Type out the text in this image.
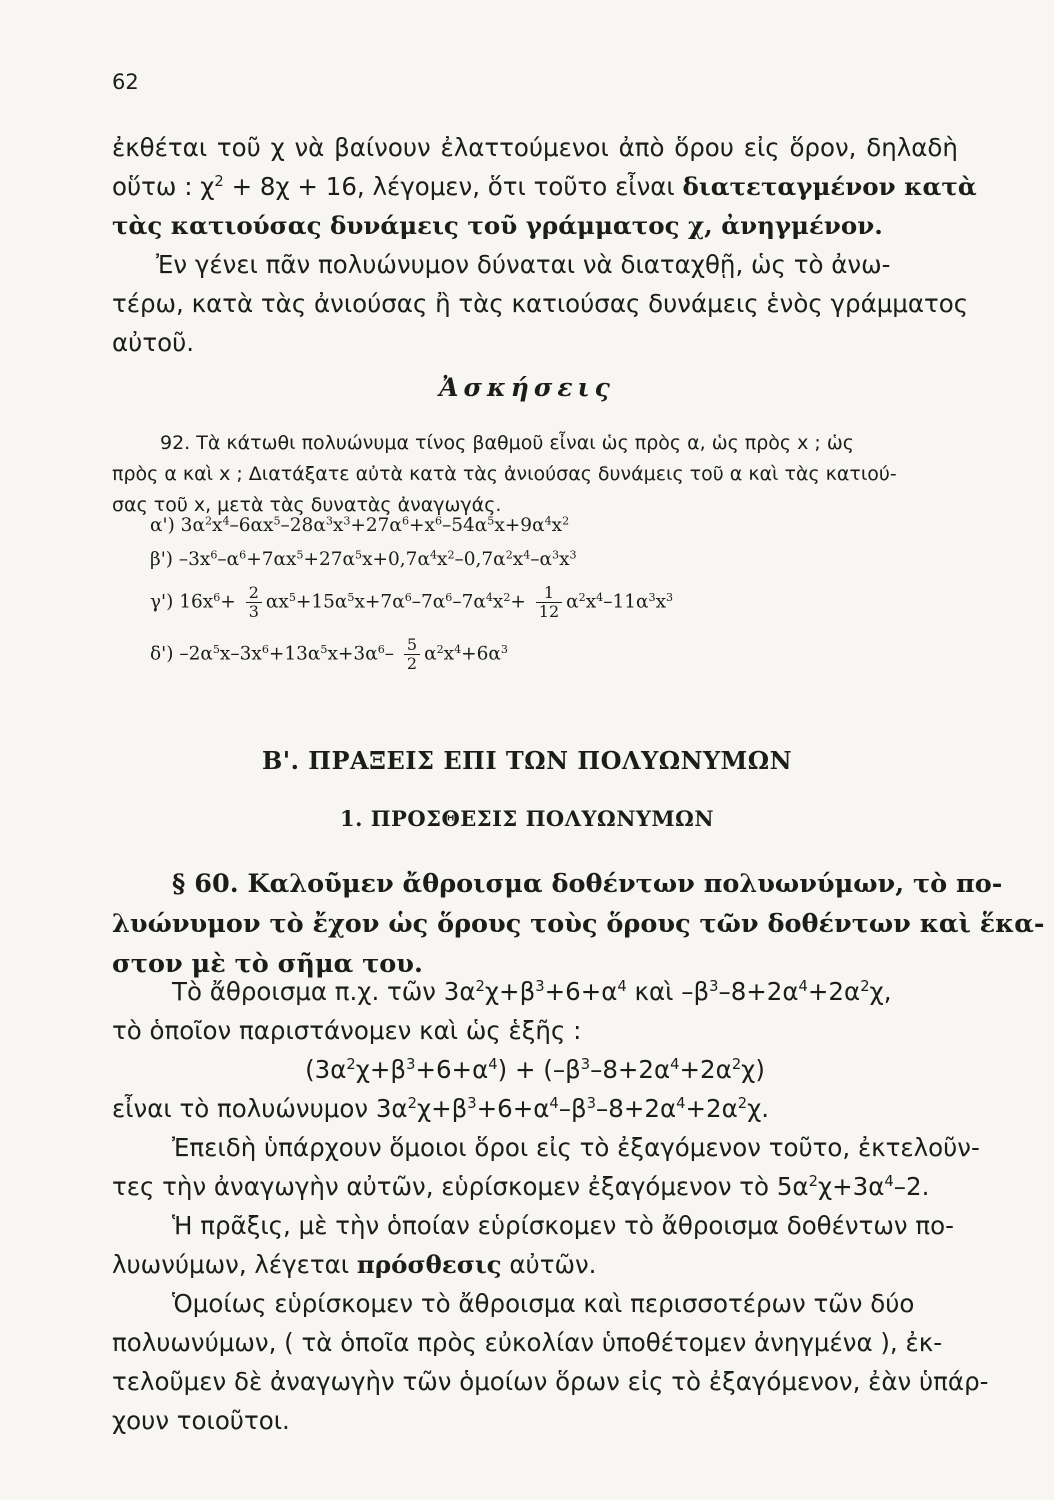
62
ἐκθέται τοῦ χ νὰ βαίνουν ἐλαττούμενοι ἀπὸ ὅρου εἰς ὅρον, δηλαδὴ
οὕτω : $\chi^2 + 8\chi + 16$, λέγομεν, ὅτι τοῦτο εἶναι διατεταγμένον κατὰ
τὰς κατιούσας δυνάμεις τοῦ γράμματος χ, ἀνηγμένον.
Ἐν γένει πᾶν πολυώνυμον δύναται νὰ διαταχθῇ, ὡς τὸ ἀνω-
τέρω, κατὰ τὰς ἀνιούσας ἢ τὰς κατιούσας δυνάμεις ἑνὸς γράμματος
αὐτοῦ.
Ἀσκήσεις
92. Τὰ κάτωθι πολυώνυμα τίνος βαθμοῦ εἶναι ὡς πρὸς α, ὡς πρὸς x ; ὡς
πρὸς α καὶ x ; Διατάξατε αὐτὰ κατὰ τὰς ἀνιούσας δυνάμεις τοῦ α καὶ τὰς κατιού-
σας τοῦ x, μετὰ τὰς δυνατὰς ἀναγωγάς.
α') $3\alpha^2x^4-6\alpha x^5-28\alpha^3x^3+27\alpha^6+x^6-54\alpha^5x+9\alpha^4x^2$
β') $-3x^6-\alpha^6+7\alpha x^5+27\alpha^5x+0,7\alpha^4x^2-0,7\alpha^2x^4-\alpha^3x^3$
γ') $16x^6+ \frac{2}{3} \alpha x^5+15\alpha^5x+7\alpha^6-7\alpha^6-7\alpha^4x^2+ \frac{1}{12} \alpha^2x^4-11\alpha^3x^3$
δ') $-2\alpha^5x-3x^6+13\alpha^5x+3\alpha^6- \frac{5}{2} \alpha^2x^4+6\alpha^3$
Β'. ΠΡΑΞΕΙΣ ΕΠΙ ΤΩΝ ΠΟΛΥΩΝΥΜΩΝ
1. ΠΡΟΣΘΕΣΙΣ ΠΟΛΥΩΝΥΜΩΝ
§ 60. Καλοῦμεν ἄθροισμα δοθέντων πολυωνύμων, τὸ πο-
λυώνυμον τὸ ἔχον ὡς ὅρους τοὺς ὅρους τῶν δοθέντων καὶ ἕκα-
στον μὲ τὸ σῆμα του.
Τὸ ἄθροισμα π.χ. τῶν $3\alpha^2\chi+\beta^3+6+\alpha^4$ καὶ $-\beta^3-8+2\alpha^4+2\alpha^2\chi$,
τὸ ὁποῖον παριστάνομεν καὶ ὡς ἑξῆς :
$(3\alpha^2\chi+\beta^3+6+\alpha^4) + (-\beta^3-8+2\alpha^4+2\alpha^2\chi)$
εἶναι τὸ πολυώνυμον $3\alpha^2\chi+\beta^3+6+\alpha^4-\beta^3-8+2\alpha^4+2\alpha^2\chi$.
Ἐπειδὴ ὑπάρχουν ὅμοιοι ὅροι εἰς τὸ ἐξαγόμενον τοῦτο, ἐκτελοῦν-
τες τὴν ἀναγωγὴν αὐτῶν, εὑρίσκομεν ἐξαγόμενον τὸ $5\alpha^2\chi+3\alpha^4-2$.
Ἡ πρᾶξις, μὲ τὴν ὁποίαν εὑρίσκομεν τὸ ἄθροισμα δοθέντων πο-
λυωνύμων, λέγεται πρόσθεσις αὐτῶν.
Ὁμοίως εὑρίσκομεν τὸ ἄθροισμα καὶ περισσοτέρων τῶν δύο
πολυωνύμων, ( τὰ ὁποῖα πρὸς εὐκολίαν ὑποθέτομεν ἀνηγμένα ), ἐκ-
τελοῦμεν δὲ ἀναγωγὴν τῶν ὁμοίων ὅρων εἰς τὸ ἐξαγόμενον, ἐὰν ὑπάρ-
χουν τοιοῦτοι.
